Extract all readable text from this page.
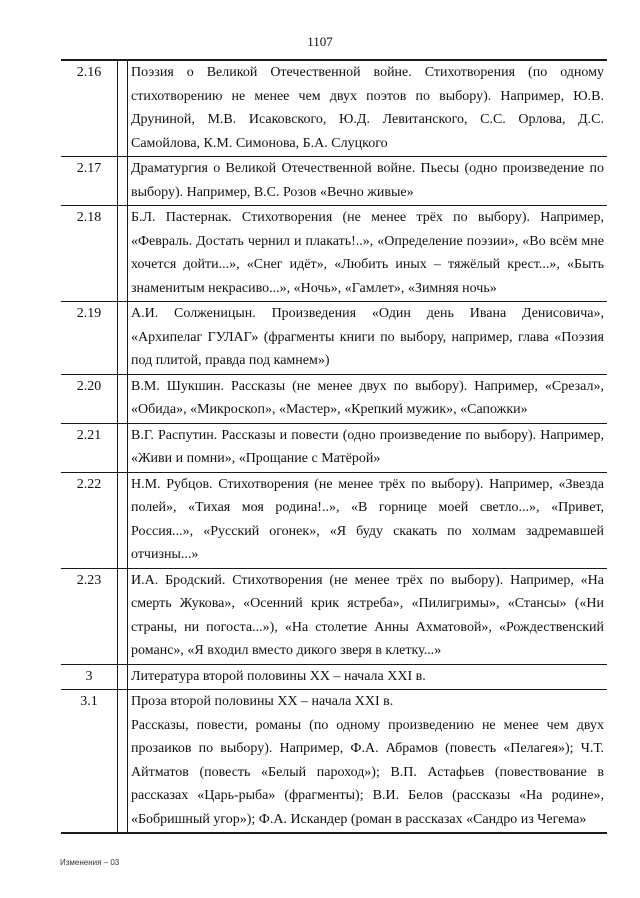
1107
2.16		Поэзия о Великой Отечественной войне. Стихотворения (по одному стихотворению не менее чем двух поэтов по выбору). Например, Ю.В. Друниной, М.В. Исаковского, Ю.Д. Левитанского, С.С. Орлова, Д.С. Самойлова, К.М. Симонова, Б.А. Слуцкого
2.17		Драматургия о Великой Отечественной войне. Пьесы (одно произведение по выбору). Например, В.С. Розов «Вечно живые»
2.18		Б.Л. Пастернак. Стихотворения (не менее трёх по выбору). Например, «Февраль. Достать чернил и плакать!..», «Определение поэзии», «Во всём мне хочется дойти...», «Снег идёт», «Любить иных – тяжёлый крест...», «Быть знаменитым некрасиво...», «Ночь», «Гамлет», «Зимняя ночь»
2.19		А.И. Солженицын. Произведения «Один день Ивана Денисовича», «Архипелаг ГУЛАГ» (фрагменты книги по выбору, например, глава «Поэзия под плитой, правда под камнем»)
2.20		В.М. Шукшин. Рассказы (не менее двух по выбору). Например, «Срезал», «Обида», «Микроскоп», «Мастер», «Крепкий мужик», «Сапожки»
2.21		В.Г. Распутин. Рассказы и повести (одно произведение по выбору). Например, «Живи и помни», «Прощание с Матёрой»
2.22		Н.М. Рубцов. Стихотворения (не менее трёх по выбору). Например, «Звезда полей», «Тихая моя родина!..», «В горнице моей светло...», «Привет, Россия...», «Русский огонек», «Я буду скакать по холмам задремавшей отчизны...»
2.23		И.А. Бродский. Стихотворения (не менее трёх по выбору). Например, «На смерть Жукова», «Осенний крик ястреба», «Пилигримы», «Стансы» («Ни страны, ни погоста...»), «На столетие Анны Ахматовой», «Рождественский романс», «Я входил вместо дикого зверя в клетку...»
3		Литература второй половины XX – начала XXI в.
3.1		Проза второй половины XX – начала XXI в.
Рассказы, повести, романы (по одному произведению не менее чем двух прозаиков по выбору). Например, Ф.А. Абрамов (повесть «Пелагея»); Ч.Т. Айтматов (повесть «Белый пароход»); В.П. Астафьев (повествование в рассказах «Царь-рыба» (фрагменты); В.И. Белов (рассказы «На родине», «Бобришный угор»); Ф.А. Искандер (роман в рассказах «Сандро из Чегема»
Изменения – 03
